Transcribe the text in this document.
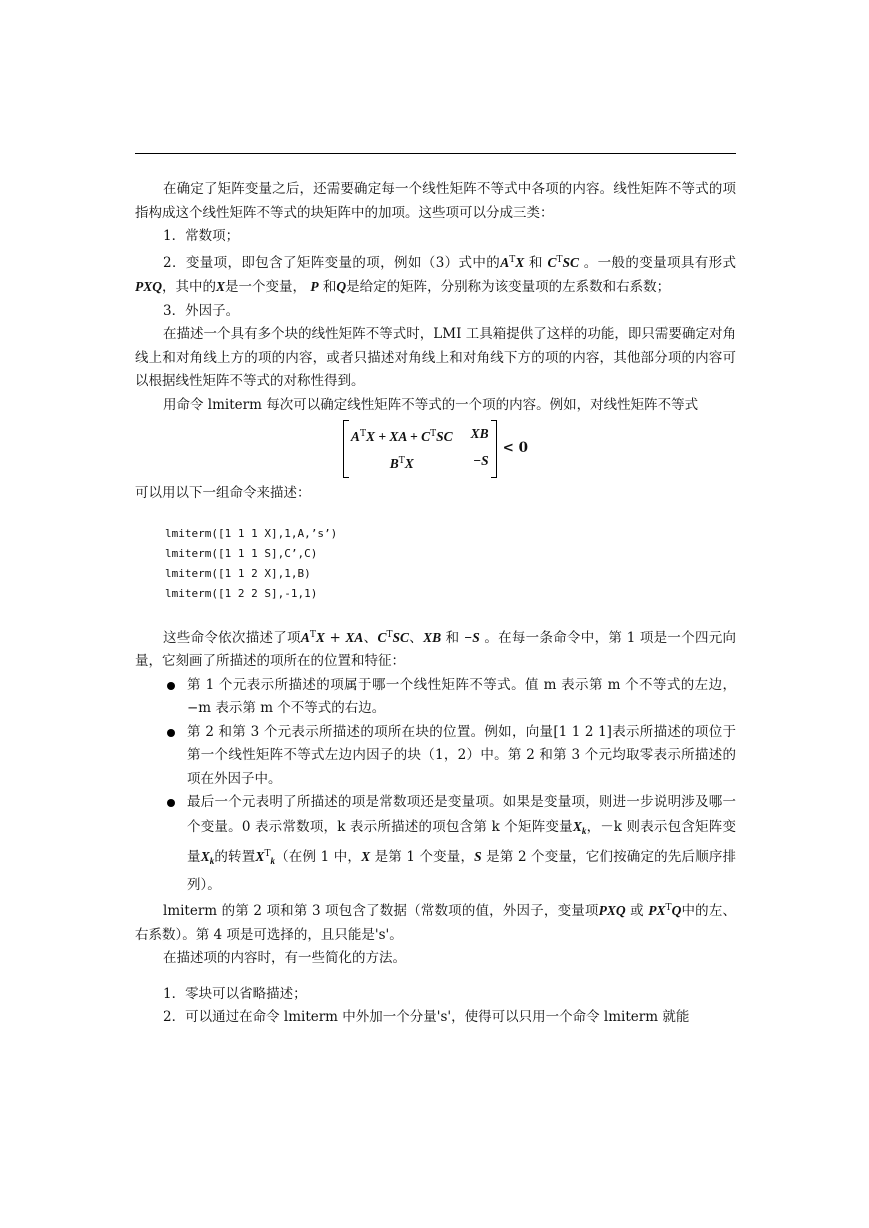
在确定了矩阵变量之后，还需要确定每一个线性矩阵不等式中各项的内容。线性矩阵不等式的项指构成这个线性矩阵不等式的块矩阵中的加项。这些项可以分成三类：

1．常数项；

2．变量项，即包含了矩阵变量的项，例如（3）式中的$A^TX$ 和 $C^TSC$ 。一般的变量项具有形式PXQ，其中的X是一个变量， P 和Q是给定的矩阵，分别称为该变量项的左系数和右系数；

3．外因子。

在描述一个具有多个块的线性矩阵不等式时，LMI 工具箱提供了这样的功能，即只需要确定对角线上和对角线上方的项的内容，或者只描述对角线上和对角线下方的项的内容，其他部分项的内容可以根据线性矩阵不等式的对称性得到。

用命令 lmiterm 每次可以确定线性矩阵不等式的一个项的内容。例如，对线性矩阵不等式

$A^TX$ + XA + $C^TSC$ XB
$B^TX$	−S
< 0

可以用以下一组命令来描述：

lmiterm([1 1 1 X],1,A,’s’)
lmiterm([1 1 1 S],C’,C)
lmiterm([1 1 2 X],1,B)
lmiterm([1 2 2 S],-1,1)

这些命令依次描述了项$A^TX$ + XA、$C^TSC$、XB 和 −S 。在每一条命令中，第 1 项是一个四元向量，它刻画了所描述的项所在的位置和特征：

第 1 个元表示所描述的项属于哪一个线性矩阵不等式。值 m 表示第 m 个不等式的左边，−m 表示第 m 个不等式的右边。
第 2 和第 3 个元表示所描述的项所在块的位置。例如，向量[1 1 2 1]表示所描述的项位于第一个线性矩阵不等式左边内因子的块（1，2）中。第 2 和第 3 个元均取零表示所描述的项在外因子中。
最后一个元表明了所描述的项是常数项还是变量项。如果是变量项，则进一步说明涉及哪一个变量。0 表示常数项，k 表示所描述的项包含第 k 个矩阵变量$X_k$，－k 则表示包含矩阵变量$X_k$的转置$X^T_k$（在例 1 中，X 是第 1 个变量，S 是第 2 个变量，它们按确定的先后顺序排列）。

lmiterm 的第 2 项和第 3 项包含了数据（常数项的值，外因子，变量项PXQ 或 $PX^TQ$中的左、右系数）。第 4 项是可选择的，且只能是's'。

在描述项的内容时，有一些简化的方法。

1．零块可以省略描述；

2．可以通过在命令 lmiterm 中外加一个分量's'，使得可以只用一个命令 lmiterm 就能
